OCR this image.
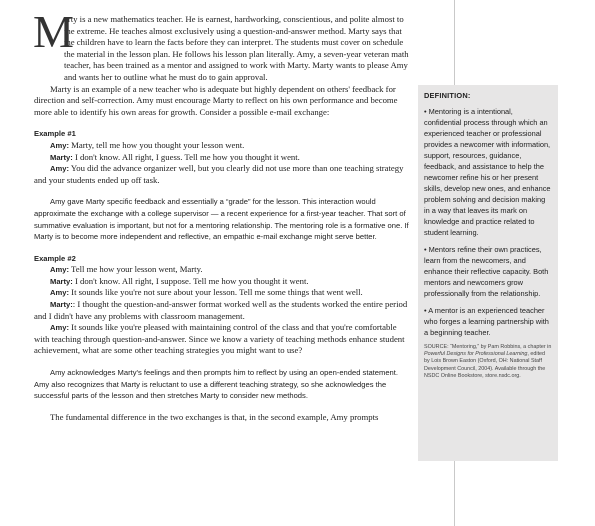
M

arty is a new mathematics teacher. He is earnest, hardworking, conscientious, and polite almost to the extreme. He teaches almost exclusively using a question-and-answer method. Marty says that the children have to learn the facts before they can interpret. The students must cover on schedule the material in the lesson plan. He follows his lesson plan literally. Amy, a seven-year veteran math teacher, has been trained as a mentor and assigned to work with Marty. Marty wants to please Amy and wants her to outline what he must do to gain approval.

Marty is an example of a new teacher who is adequate but highly dependent on others' feedback for direction and self-correction. Amy must encourage Marty to reflect on his own performance and become more able to identify his own areas for growth. Consider a possible e-mail exchange:

Example #1

Amy: Marty, tell me how you thought your lesson went.

Marty: I don't know. All right, I guess. Tell me how you thought it went.

Amy: You did the advance organizer well, but you clearly did not use more than one teaching strategy and your students ended up off task.

Amy gave Marty specific feedback and essentially a “grade” for the lesson. This interaction would approximate the exchange with a college supervisor — a recent experience for a first-year teacher. That sort of summative evaluation is important, but not for a mentoring relationship. The mentoring role is a formative one. If Marty is to become more independent and reflective, an empathic e-mail exchange might serve better.

Example #2

Amy: Tell me how your lesson went, Marty.

Marty: I don't know. All right, I suppose. Tell me how you thought it went.

Amy: It sounds like you're not sure about your lesson. Tell me some things that went well.

Marty:: I thought the question-and-answer format worked well as the students worked the entire period and I didn't have any problems with classroom management.

Amy: It sounds like you're pleased with maintaining control of the class and that you're comfortable with teaching through question-and-answer. Since we know a variety of teaching methods enhance student achievement, what are some other teaching strategies you might want to use?

Amy acknowledges Marty's feelings and then prompts him to reflect by using an open-ended statement. Amy also recognizes that Marty is reluctant to use a different teaching strategy, so she acknowledges the successful parts of the lesson and then stretches Marty to consider new methods.

The fundamental difference in the two exchanges is that, in the second example, Amy prompts

DEFINITION:
• Mentoring is a intentional, confidential process through which an experienced teacher or professional provides a newcomer with information, support, resources, guidance, feedback, and assistance to help the newcomer refine his or her present skills, develop new ones, and enhance problem solving and decision making in a way that leaves its mark on knowledge and practice related to student learning.
• Mentors refine their own practices, learn from the newcomers, and enhance their reflective capacity. Both mentors and newcomers grow professionally from the relationship.
• A mentor is an experienced teacher who forges a learning partnership with a beginning teacher.
SOURCE: “Mentoring,” by Pam Robbins, a chapter in Powerful Designs for Professional Learning, edited by Lois Brown Easton (Oxford, OH: National Staff Development Council, 2004). Available through the NSDC Online Bookstore, store.nsdc.org.
